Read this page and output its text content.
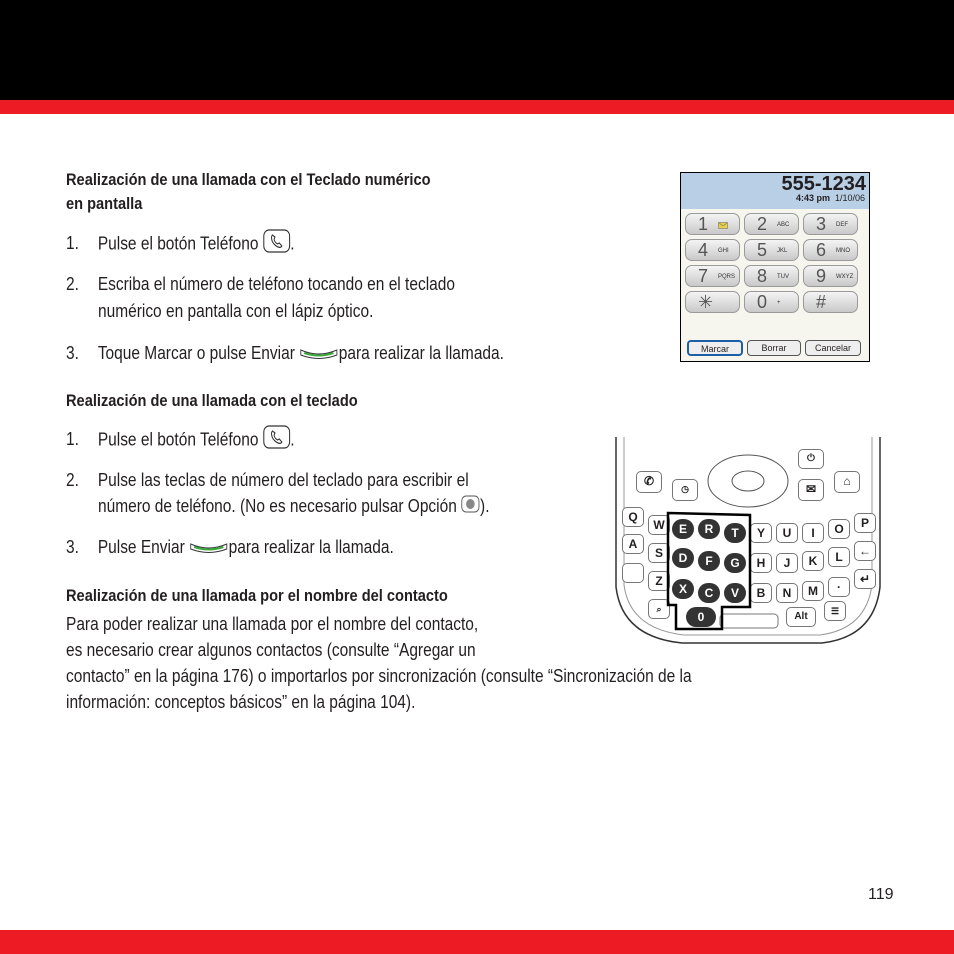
Realización de una llamada con el Teclado numérico
en pantalla
1. Pulse el botón Teléfono .
2. Escriba el número de teléfono tocando en el teclado
numérico en pantalla con el lápiz óptico.
3. Toque Marcar o pulse Enviar para realizar la llamada.
Realización de una llamada con el teclado
1. Pulse el botón Teléfono .
2. Pulse las teclas de número del teclado para escribir el
número de teléfono. (No es necesario pulsar Opción ).
3. Pulse Enviar para realizar la llamada.
Realización de una llamada por el nombre del contacto
Para poder realizar una llamada por el nombre del contacto,
es necesario crear algunos contactos (consulte “Agregar un
contacto” en la página 176) o importarlos por sincronización (consulte “Sincronización de la
información: conceptos básicos” en la página 104).
555-1234
4:43 pm 1/10/06
1	2 ABC 3 DEF
4 GHI 5 JKL 6 MNO
7 PQRS 8 TUV 9 WXYZ
✳ 0 + #
Marcar	Borrar	Cancelar
✆
◷	✉
⌂
⏻
Q
A
W
S
Z
⌕
E	R	T
D	F	G
X	C	V
0
Y	U	I	O	P
H	J	K	L	←
B	N	M	·
↵
Alt	☰
119
